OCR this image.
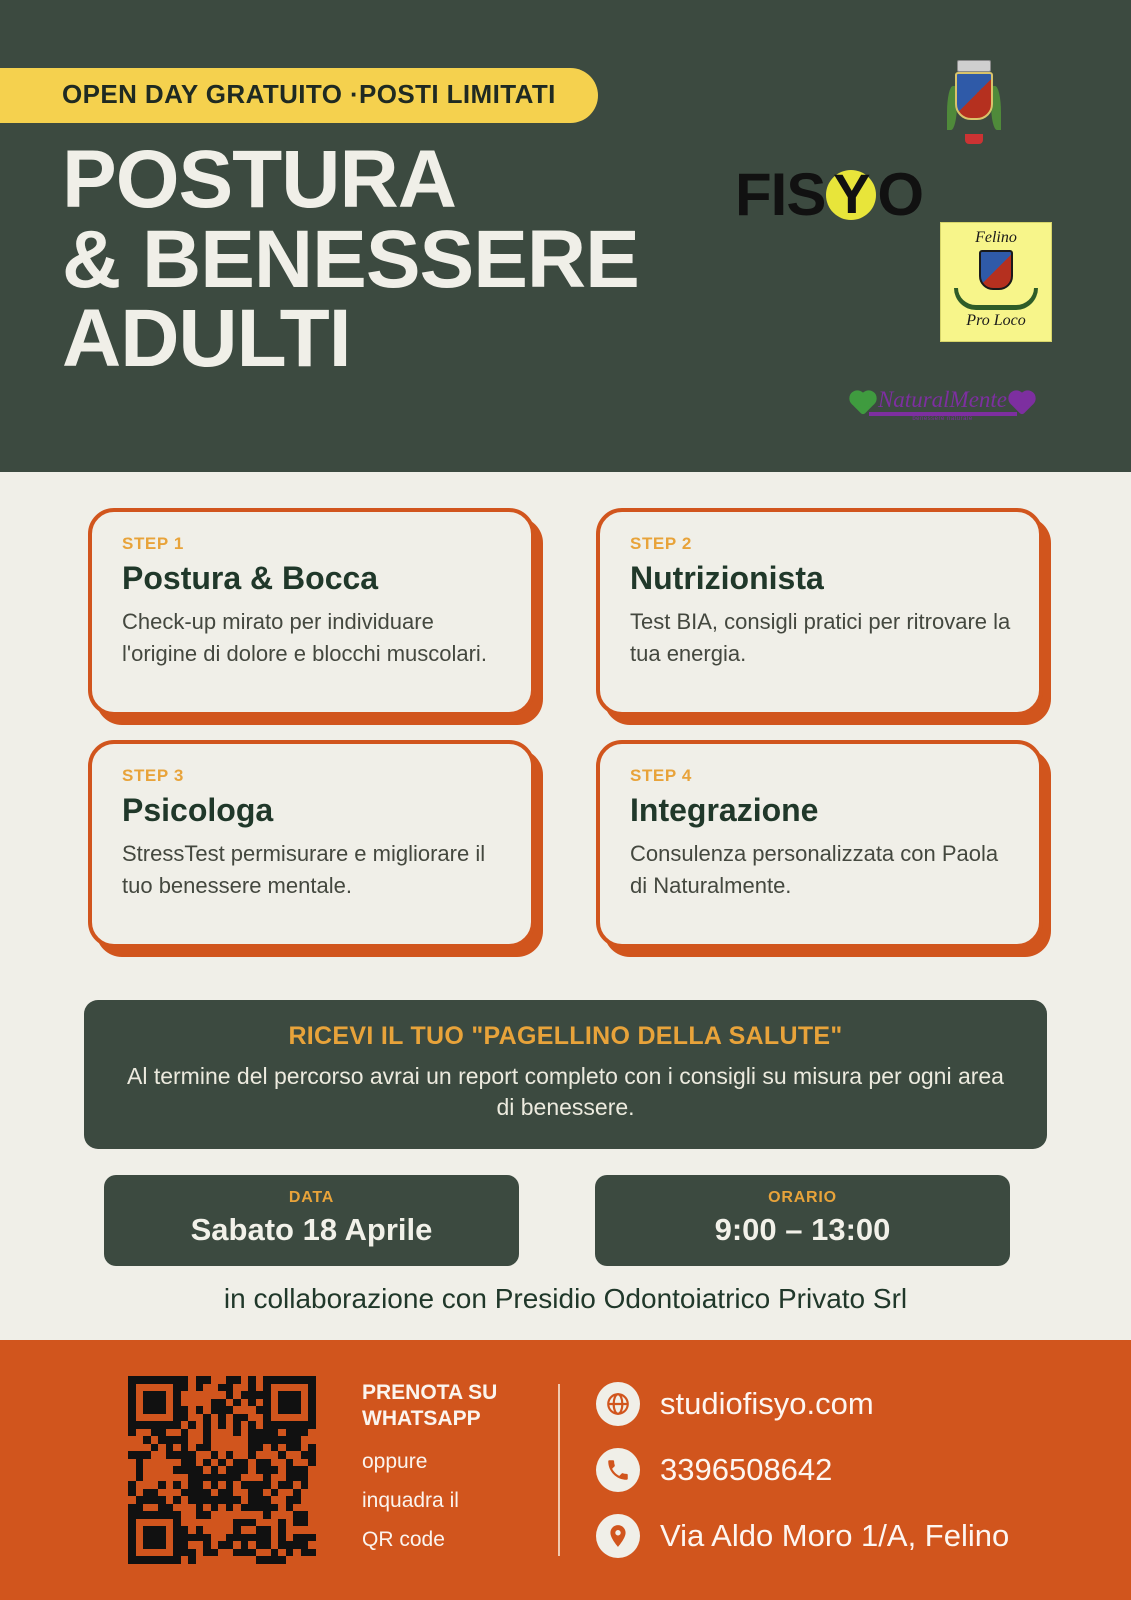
OPEN DAY GRATUITO ·POSTI LIMITATI
POSTURA
& BENESSERE
ADULTI
FIS Y O
Felino
Pro Loco
NaturalMente
benessere naturale
STEP 1
Postura & Bocca
Check-up mirato per individuare l'origine di dolore e blocchi muscolari.
STEP 2
Nutrizionista
Test BIA, consigli pratici per ritrovare la tua energia.
STEP 3
Psicologa
StressTest permisurare e migliorare il tuo benessere mentale.
STEP 4
Integrazione
Consulenza personalizzata con Paola di Naturalmente.
RICEVI IL TUO "PAGELLINO DELLA SALUTE"
Al termine del percorso avrai un report completo con i consigli su misura per ogni area di benessere.
DATA
Sabato 18 Aprile
ORARIO
9:00 – 13:00
in collaborazione con Presidio Odontoiatrico Privato Srl
PRENOTA SU WHATSAPP
oppure
inquadra il
QR code
studiofisyo.com
3396508642
Via Aldo Moro 1/A, Felino
